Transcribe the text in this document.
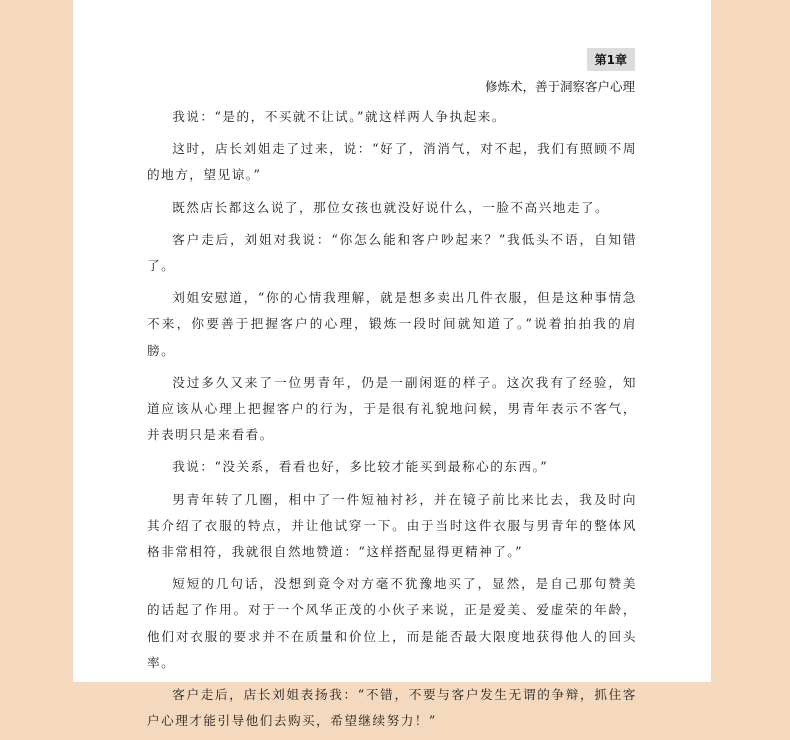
第1章
修炼术，善于洞察客户心理

我说：“是的，不买就不让试。”就这样两人争执起来。

这时，店长刘姐走了过来，说：“好了，消消气，对不起，我们有照顾不周的地方，望见谅。”

既然店长都这么说了，那位女孩也就没好说什么，一脸不高兴地走了。

客户走后，刘姐对我说：“你怎么能和客户吵起来？”我低头不语，自知错了。

刘姐安慰道，“你的心情我理解，就是想多卖出几件衣服，但是这种事情急不来，你要善于把握客户的心理，锻炼一段时间就知道了。”说着拍拍我的肩膀。

没过多久又来了一位男青年，仍是一副闲逛的样子。这次我有了经验，知道应该从心理上把握客户的行为，于是很有礼貌地问候，男青年表示不客气，并表明只是来看看。

我说：“没关系，看看也好，多比较才能买到最称心的东西。”

男青年转了几圈，相中了一件短袖衬衫，并在镜子前比来比去，我及时向其介绍了衣服的特点，并让他试穿一下。由于当时这件衣服与男青年的整体风格非常相符，我就很自然地赞道：“这样搭配显得更精神了。”

短短的几句话，没想到竟令对方毫不犹豫地买了，显然，是自己那句赞美的话起了作用。对于一个风华正茂的小伙子来说，正是爱美、爱虚荣的年龄，他们对衣服的要求并不在质量和价位上，而是能否最大限度地获得他人的回头率。

客户走后，店长刘姐表扬我：“不错，不要与客户发生无谓的争辩，抓住客户心理才能引导他们去购买，希望继续努力！”
